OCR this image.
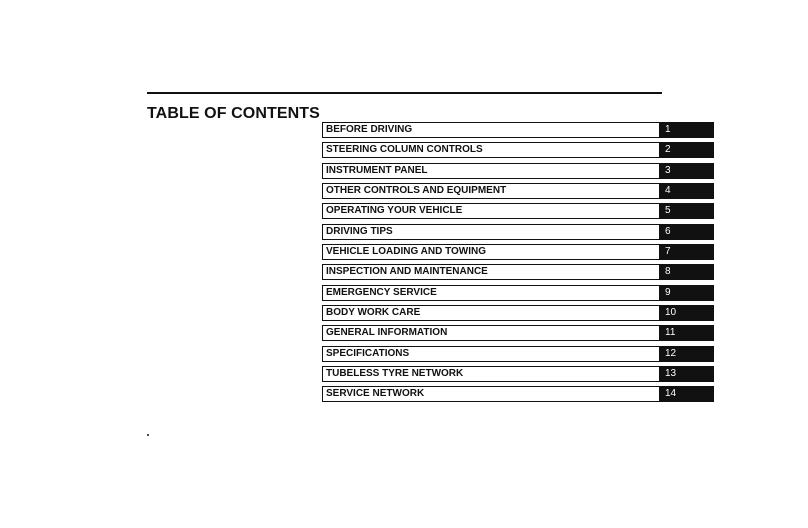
TABLE OF CONTENTS
BEFORE DRIVING	1
STEERING COLUMN CONTROLS	2
INSTRUMENT PANEL	3
OTHER CONTROLS AND EQUIPMENT	4
OPERATING YOUR VEHICLE	5
DRIVING TIPS	6
VEHICLE LOADING AND TOWING	7
INSPECTION AND MAINTENANCE	8
EMERGENCY SERVICE	9
BODY WORK CARE	10
GENERAL INFORMATION	11
SPECIFICATIONS	12
TUBELESS TYRE NETWORK	13
SERVICE NETWORK	14
